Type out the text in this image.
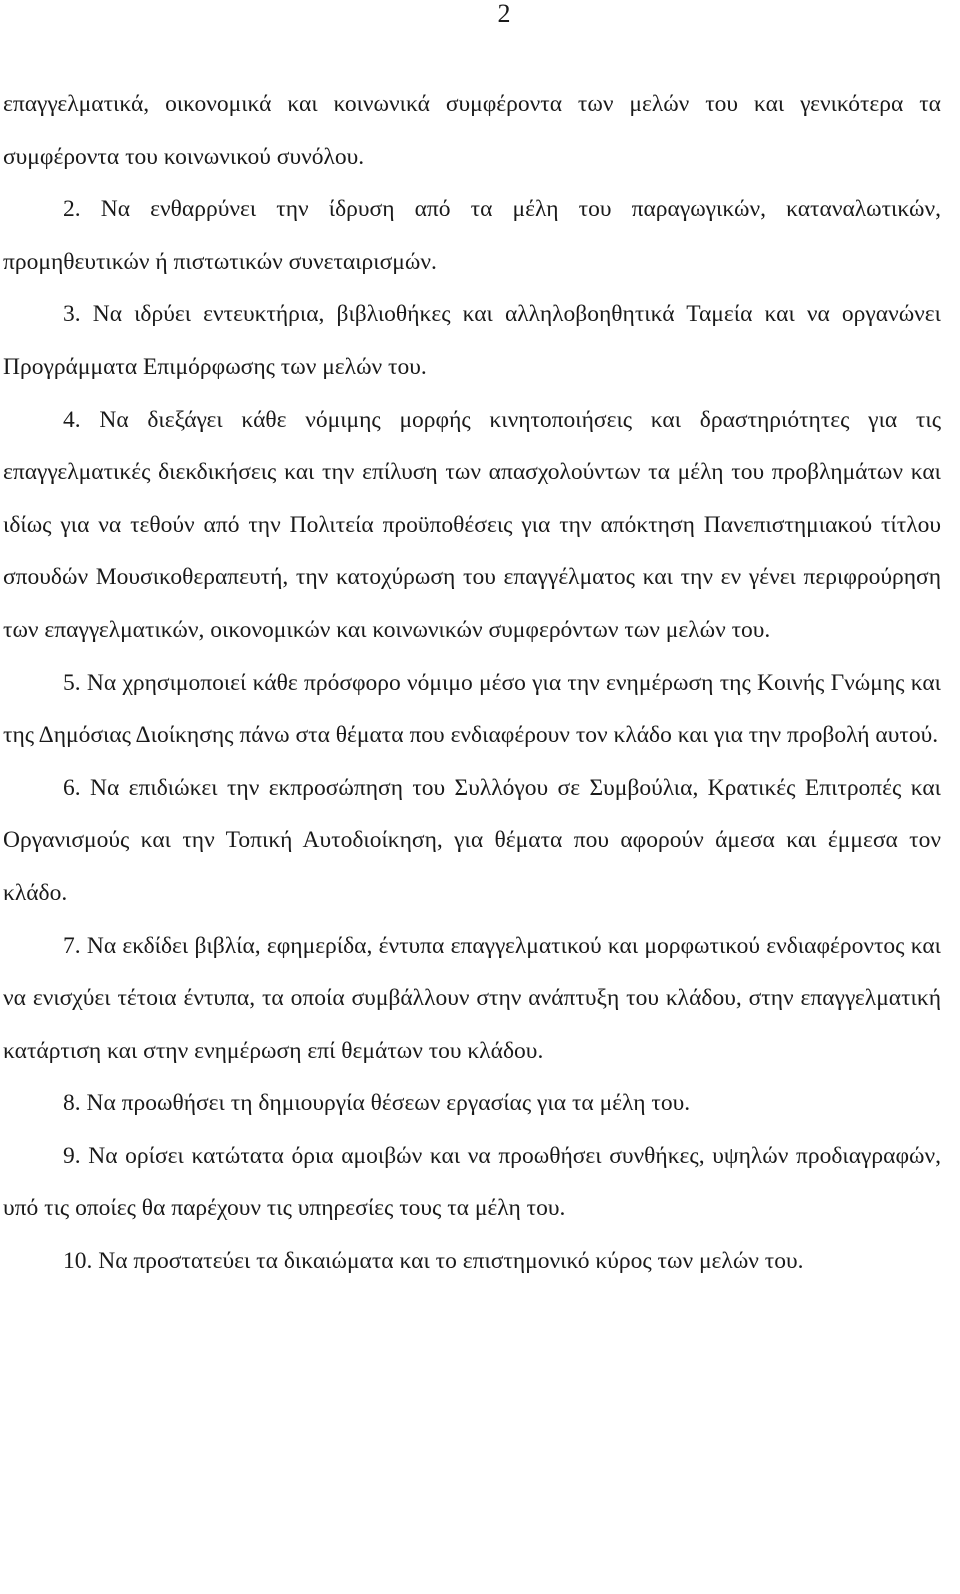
2

επαγγελματικά, οικονομικά και κοινωνικά συμφέροντα των μελών του και γενικότερα τα συμφέροντα του κοινωνικού συνόλου.

2. Να ενθαρρύνει την ίδρυση από τα μέλη του παραγωγικών, καταναλωτικών, προμηθευτικών ή πιστωτικών συνεταιρισμών.

3. Να ιδρύει εντευκτήρια, βιβλιοθήκες και αλληλοβοηθητικά Ταμεία και να οργανώνει Προγράμματα Επιμόρφωσης των μελών του.

4. Να διεξάγει κάθε νόμιμης μορφής κινητοποιήσεις και δραστηριότητες για τις επαγγελματικές διεκδικήσεις και την επίλυση των απασχολούντων τα μέλη του προβλημάτων και ιδίως για να τεθούν από την Πολιτεία προϋποθέσεις για την απόκτηση Πανεπιστημιακού τίτλου σπουδών Μουσικοθεραπευτή, την κατοχύρωση του επαγγέλματος και την εν γένει περιφρούρηση των επαγγελματικών, οικονομικών και κοινωνικών συμφερόντων των μελών του.

5. Να χρησιμοποιεί κάθε πρόσφορο νόμιμο μέσο για την ενημέρωση της Κοινής Γνώμης και της Δημόσιας Διοίκησης πάνω στα θέματα που ενδιαφέρουν τον κλάδο και για την προβολή αυτού.

6. Να επιδιώκει την εκπροσώπηση του Συλλόγου σε Συμβούλια, Κρατικές Επιτροπές και Οργανισμούς και την Τοπική Αυτοδιοίκηση, για θέματα που αφορούν άμεσα και έμμεσα τον κλάδο.

7. Να εκδίδει βιβλία, εφημερίδα, έντυπα επαγγελματικού και μορφωτικού ενδιαφέροντος και να ενισχύει τέτοια έντυπα, τα οποία συμβάλλουν στην ανάπτυξη του κλάδου, στην επαγγελματική κατάρτιση και στην ενημέρωση επί θεμάτων του κλάδου.

8. Να προωθήσει τη δημιουργία θέσεων εργασίας για τα μέλη του.

9. Να ορίσει κατώτατα όρια αμοιβών και να προωθήσει συνθήκες, υψηλών προδιαγραφών, υπό τις οποίες θα παρέχουν τις υπηρεσίες τους τα μέλη του.

10. Να προστατεύει τα δικαιώματα και το επιστημονικό κύρος των μελών του.
